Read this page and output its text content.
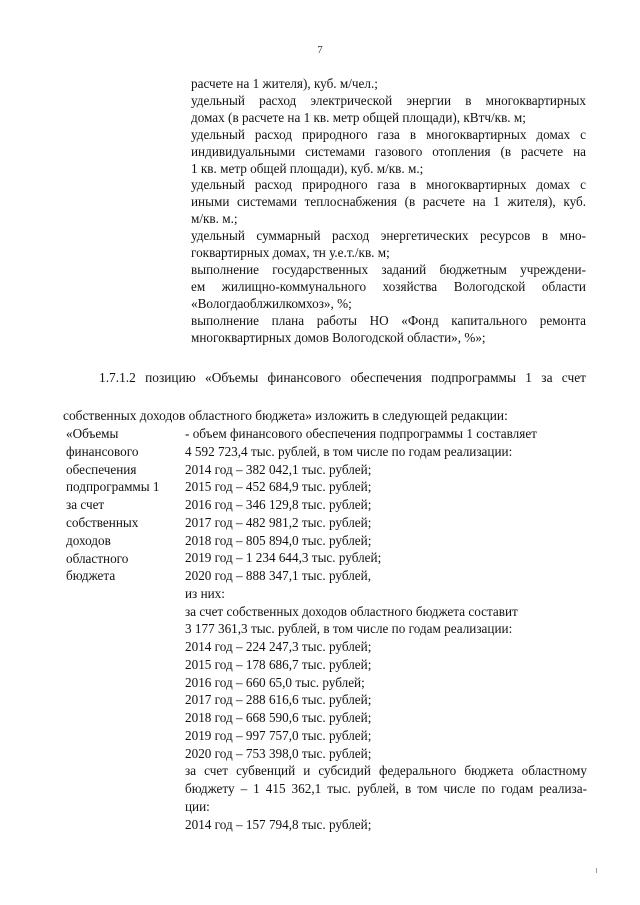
7
расчете на 1 жителя), куб. м/чел.;
удельный расход электрической энергии в многоквартирных
домах (в расчете на 1 кв. метр общей площади), кВтч/кв. м;
удельный расход природного газа в многоквартирных домах с
индивидуальными системами газового отопления (в расчете на
1 кв. метр общей площади), куб. м/кв. м.;
удельный расход природного газа в многоквартирных домах с
иными системами теплоснабжения (в расчете на 1 жителя), куб.
м/кв. м.;
удельный суммарный расход энергетических ресурсов в мно-
гоквартирных домах, тн у.е.т./кв. м;
выполнение государственных заданий бюджетным учреждени-
ем жилищно-коммунального хозяйства Вологодской области
«Вологдаоблжилкомхоз», %;
выполнение плана работы НО «Фонд капитального ремонта
многоквартирных домов Вологодской области», %»;
1.7.1.2 позицию «Объемы финансового обеспечения подпрограммы 1 за счет
собственных доходов областного бюджета» изложить в следующей редакции:
«Объемы
финансового
обеспечения
подпрограммы 1
за счет
собственных
доходов
областного
бюджета
- объем финансового обеспечения подпрограммы 1 составляет
4 592 723,4 тыс. рублей, в том числе по годам реализации:
2014 год – 382 042,1 тыс. рублей;
2015 год – 452 684,9 тыс. рублей;
2016 год – 346 129,8 тыс. рублей;
2017 год – 482 981,2 тыс. рублей;
2018 год – 805 894,0 тыс. рублей;
2019 год – 1 234 644,3 тыс. рублей;
2020 год – 888 347,1 тыс. рублей,
из них:
за счет собственных доходов областного бюджета составит
3 177 361,3 тыс. рублей, в том числе по годам реализации:
2014 год – 224 247,3 тыс. рублей;
2015 год – 178 686,7 тыс. рублей;
2016 год – 660 65,0 тыс. рублей;
2017 год – 288 616,6 тыс. рублей;
2018 год – 668 590,6 тыс. рублей;
2019 год – 997 757,0 тыс. рублей;
2020 год – 753 398,0 тыс. рублей;
за счет субвенций и субсидий федерального бюджета областному
бюджету – 1 415 362,1 тыс. рублей, в том числе по годам реализа-
ции:
2014 год – 157 794,8 тыс. рублей;
